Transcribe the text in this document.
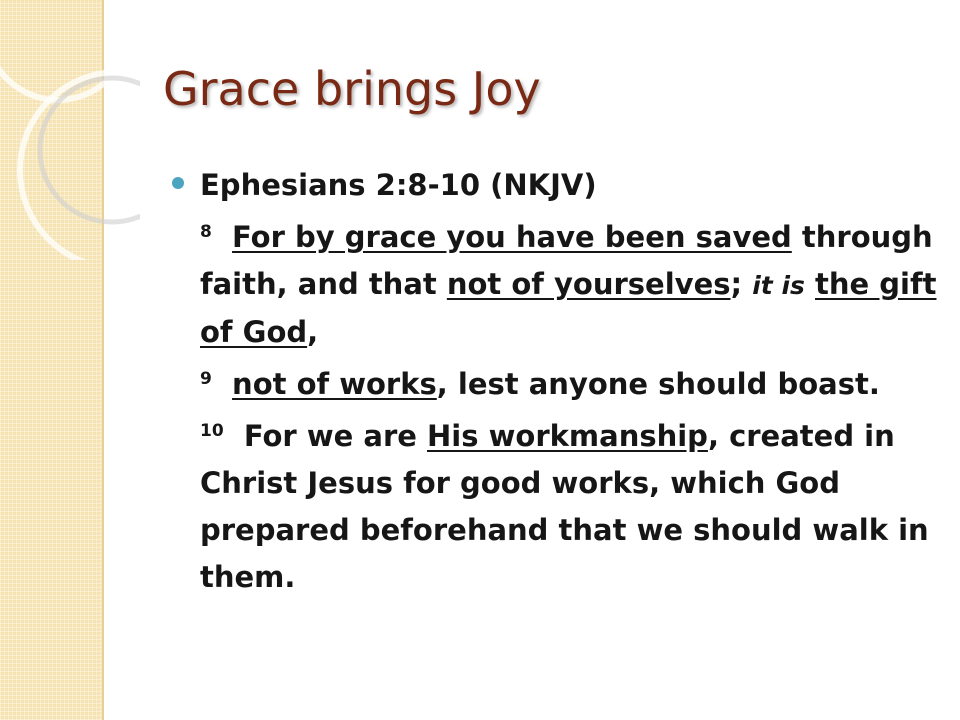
Grace brings Joy
Ephesians 2:8-10 (NKJV)
$^8$ For by grace you have been saved through faith, and that not of yourselves; it is the gift of God,
$^9$ not of works, lest anyone should boast.
$^{10}$ For we are His workmanship, created in Christ Jesus for good works, which God prepared beforehand that we should walk in them.
